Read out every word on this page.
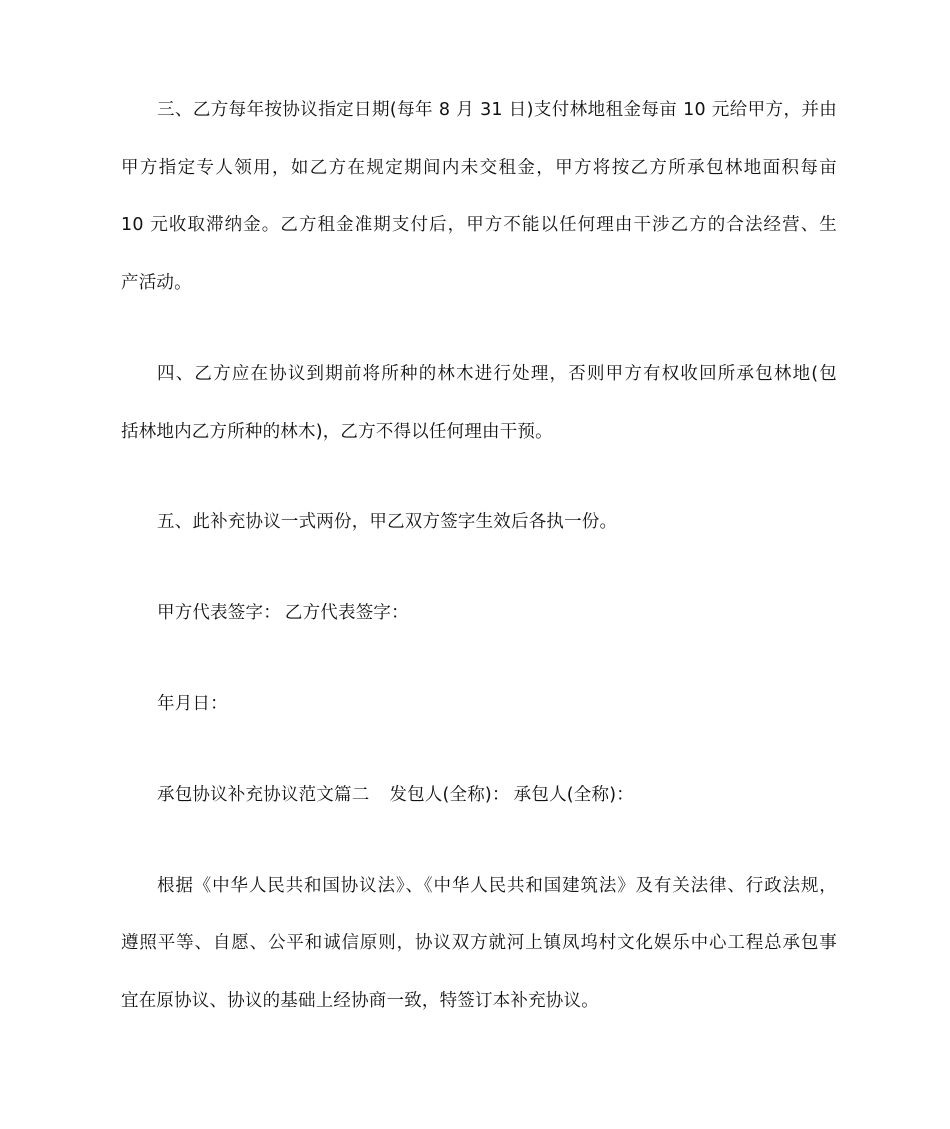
三、乙方每年按协议指定日期(每年 8 月 31 日)支付林地租金每亩 10 元给甲方，并由
甲方指定专人领用，如乙方在规定期间内未交租金，甲方将按乙方所承包林地面积每亩
10 元收取滞纳金。乙方租金准期支付后，甲方不能以任何理由干涉乙方的合法经营、生
产活动。
四、乙方应在协议到期前将所种的林木进行处理，否则甲方有权收回所承包林地(包
括林地内乙方所种的林木)，乙方不得以任何理由干预。
五、此补充协议一式两份，甲乙双方签字生效后各执一份。
甲方代表签字： 乙方代表签字：
年月日：
承包协议补充协议范文篇二 发包人(全称)： 承包人(全称)：
根据《中华人民共和国协议法》、《中华人民共和国建筑法》及有关法律、行政法规，
遵照平等、自愿、公平和诚信原则，协议双方就河上镇凤坞村文化娱乐中心工程总承包事
宜在原协议、协议的基础上经协商一致，特签订本补充协议。
